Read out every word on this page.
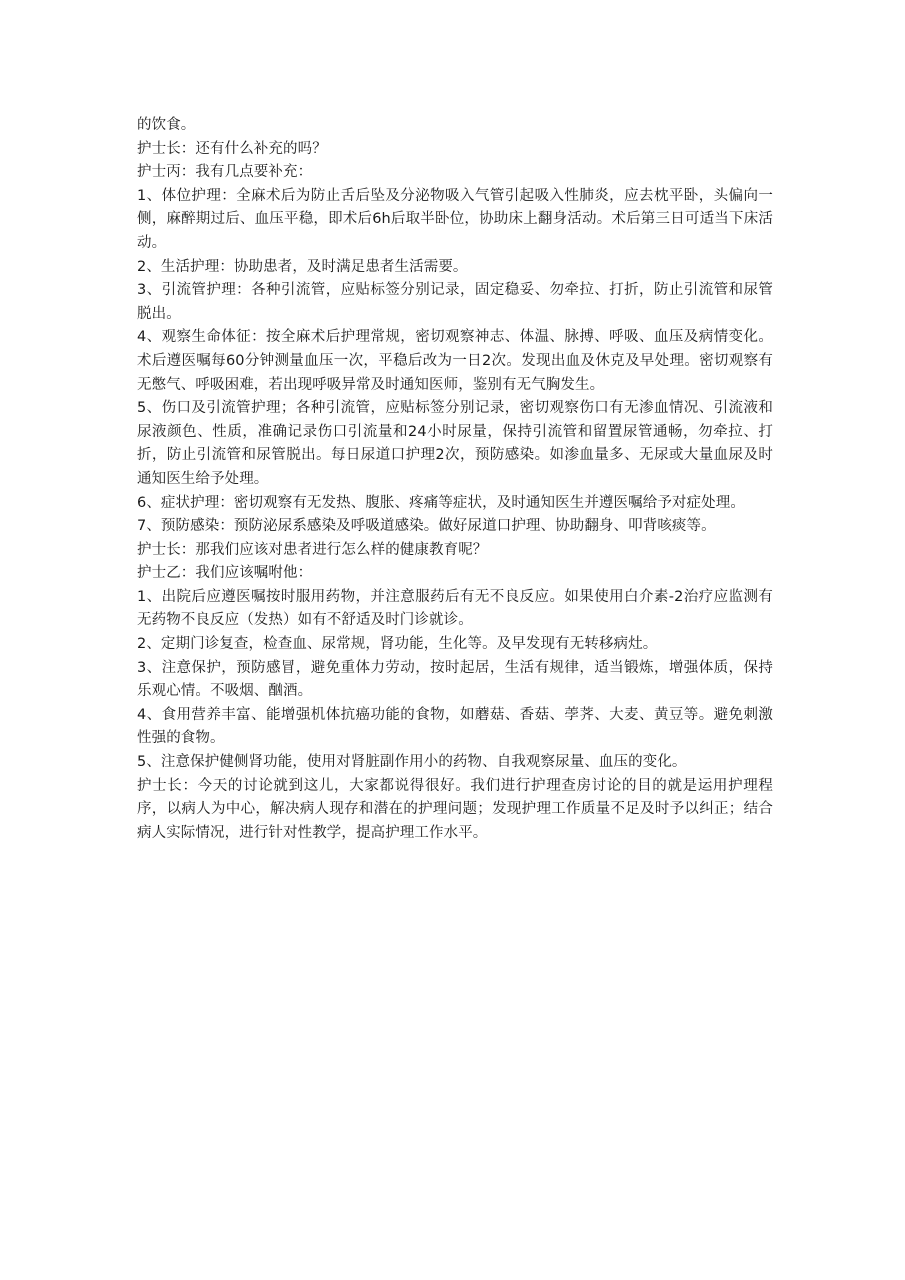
的饮食。

护士长：还有什么补充的吗？

护士丙：我有几点要补充：

1、体位护理：全麻术后为防止舌后坠及分泌物吸入气管引起吸入性肺炎，应去枕平卧，头偏向一侧，麻醉期过后、血压平稳，即术后6h后取半卧位，协助床上翻身活动。术后第三日可适当下床活动。

2、生活护理：协助患者，及时满足患者生活需要。

3、引流管护理：各种引流管，应贴标签分别记录，固定稳妥、勿牵拉、打折，防止引流管和尿管脱出。

4、观察生命体征：按全麻术后护理常规，密切观察神志、体温、脉搏、呼吸、血压及病情变化。术后遵医嘱每60分钟测量血压一次，平稳后改为一日2次。发现出血及休克及早处理。密切观察有无憋气、呼吸困难，若出现呼吸异常及时通知医师，鉴别有无气胸发生。

5、伤口及引流管护理；各种引流管，应贴标签分别记录，密切观察伤口有无渗血情况、引流液和尿液颜色、性质，准确记录伤口引流量和24小时尿量，保持引流管和留置尿管通畅，勿牵拉、打折，防止引流管和尿管脱出。每日尿道口护理2次，预防感染。如渗血量多、无尿或大量血尿及时通知医生给予处理。

6、症状护理：密切观察有无发热、腹胀、疼痛等症状，及时通知医生并遵医嘱给予对症处理。

7、预防感染：预防泌尿系感染及呼吸道感染。做好尿道口护理、协助翻身、叩背咳痰等。

护士长：那我们应该对患者进行怎么样的健康教育呢？

护士乙：我们应该嘱咐他：

1、出院后应遵医嘱按时服用药物，并注意服药后有无不良反应。如果使用白介素-2治疗应监测有无药物不良反应（发热）如有不舒适及时门诊就诊。

2、定期门诊复查，检查血、尿常规，肾功能，生化等。及早发现有无转移病灶。

3、注意保护，预防感冒，避免重体力劳动，按时起居，生活有规律，适当锻炼，增强体质，保持乐观心情。不吸烟、酗酒。

4、食用营养丰富、能增强机体抗癌功能的食物，如蘑菇、香菇、荸荠、大麦、黄豆等。避免刺激性强的食物。

5、注意保护健侧肾功能，使用对肾脏副作用小的药物、自我观察尿量、血压的变化。

护士长：今天的讨论就到这儿，大家都说得很好。我们进行护理查房讨论的目的就是运用护理程序，以病人为中心，解决病人现存和潜在的护理问题；发现护理工作质量不足及时予以纠正；结合病人实际情况，进行针对性教学，提高护理工作水平。
